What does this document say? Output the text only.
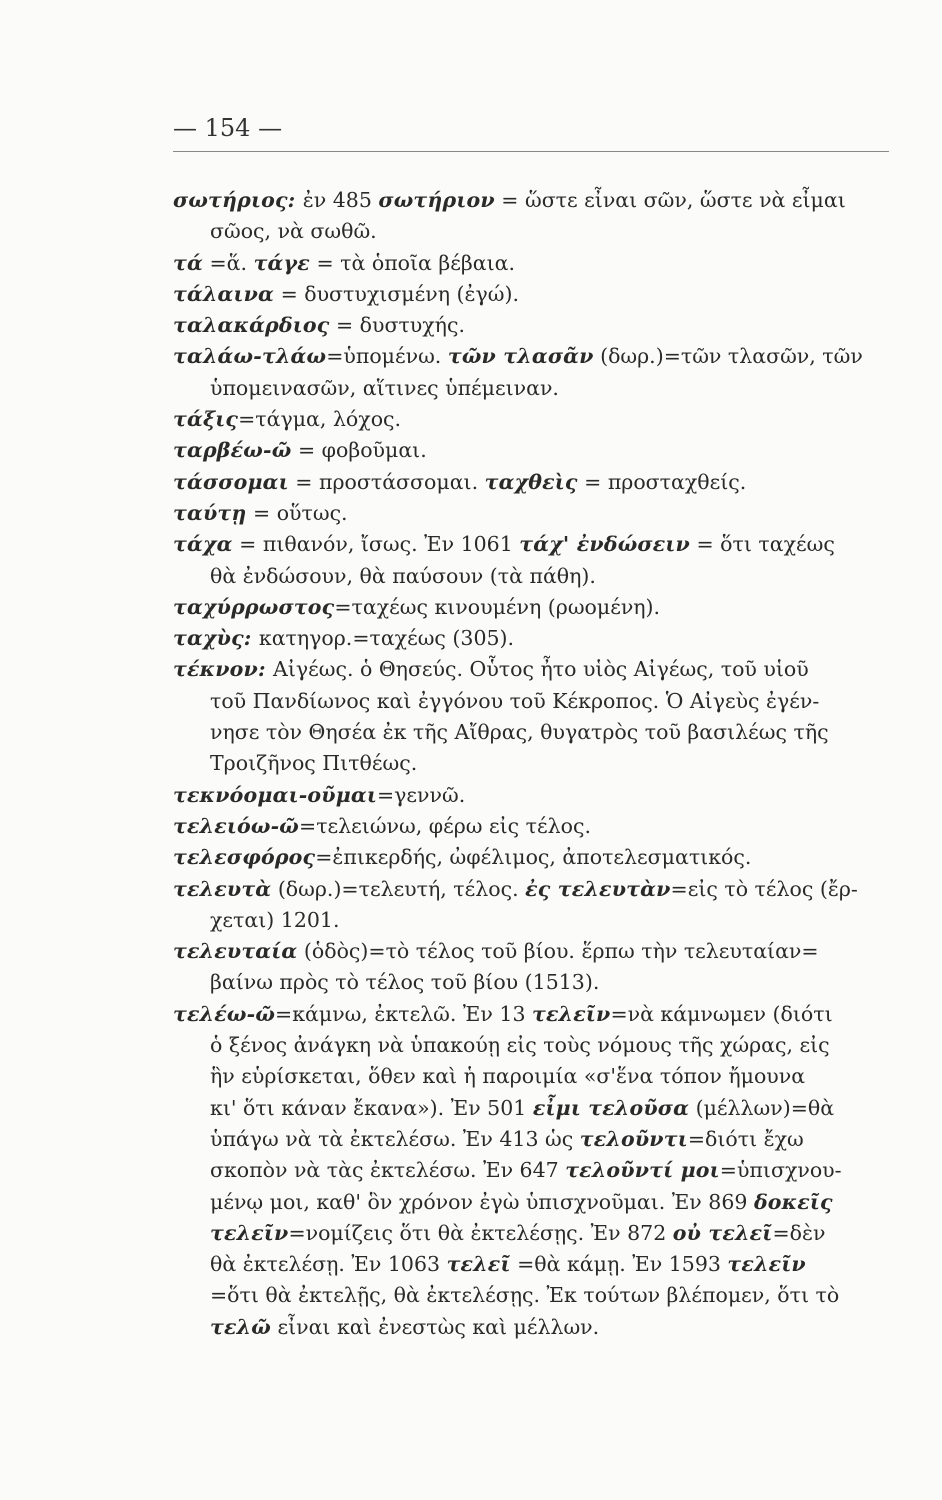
— 154 —
σωτήριος: ἐν 485 σωτήριον = ὥστε εἶναι σῶν, ὥστε νὰ εἶμαι
σῶος, νὰ σωθῶ.
τά =ἅ. τάγε = τὰ ὁποῖα βέβαια.
τάλαινα = δυστυχισμένη (ἐγώ).
ταλακάρδιος = δυστυχής.
ταλάω-τλάω=ὑπομένω. τῶν τλασᾶν (δωρ.)=τῶν τλασῶν, τῶν
ὑπομεινασῶν, αἵτινες ὑπέμειναν.
τάξις=τάγμα, λόχος.
ταρβέω-ῶ = φοβοῦμαι.
τάσσομαι = προστάσσομαι. ταχθεὶς = προσταχθείς.
ταύτῃ = οὕτως.
τάχα = πιθανόν, ἴσως. Ἐν 1061 τάχ' ἐνδώσειν = ὅτι ταχέως
θὰ ἐνδώσουν, θὰ παύσουν (τὰ πάθη).
ταχύρρωστος=ταχέως κινουμένη (ρωομένη).
ταχὺς: κατηγορ.=ταχέως (305).
τέκνον: Αἰγέως. ὁ Θησεύς. Οὗτος ἦτο υἱὸς Αἰγέως, τοῦ υἱοῦ
τοῦ Πανδίωνος καὶ ἐγγόνου τοῦ Κέκροπος. Ὁ Αἰγεὺς ἐγέν-
νησε τὸν Θησέα ἐκ τῆς Αἴθρας, θυγατρὸς τοῦ βασιλέως τῆς
Τροιζῆνος Πιτθέως.
τεκνόομαι-οῦμαι=γεννῶ.
τελειόω-ῶ=τελειώνω, φέρω εἰς τέλος.
τελεσφόρος=ἐπικερδής, ὠφέλιμος, ἀποτελεσματικός.
τελευτὰ (δωρ.)=τελευτή, τέλος. ἐς τελευτὰν=εἰς τὸ τέλος (ἔρ-
χεται) 1201.
τελευταία (ὁδὸς)=τὸ τέλος τοῦ βίου. ἕρπω τὴν τελευταίαν=
βαίνω πρὸς τὸ τέλος τοῦ βίου (1513).
τελέω-ῶ=κάμνω, ἐκτελῶ. Ἐν 13 τελεῖν=νὰ κάμνωμεν (διότι
ὁ ξένος ἀνάγκη νὰ ὑπακούῃ εἰς τοὺς νόμους τῆς χώρας, εἰς
ἣν εὑρίσκεται, ὅθεν καὶ ἡ παροιμία «σ'ἕνα τόπον ἤμουνα
κι' ὅτι κάναν ἔκανα»). Ἐν 501 εἶμι τελοῦσα (μέλλων)=θὰ
ὑπάγω νὰ τὰ ἐκτελέσω. Ἐν 413 ὡς τελοῦντι=διότι ἔχω
σκοπὸν νὰ τὰς ἐκτελέσω. Ἐν 647 τελοῦντί μοι=ὑπισχνου-
μένῳ μοι, καθ' ὃν χρόνον ἐγὼ ὑπισχνοῦμαι. Ἐν 869 δοκεῖς
τελεῖν=νομίζεις ὅτι θὰ ἐκτελέσῃς. Ἐν 872 οὐ τελεῖ=δὲν
θὰ ἐκτελέσῃ. Ἐν 1063 τελεῖ =θὰ κάμῃ. Ἐν 1593 τελεῖν
=ὅτι θὰ ἐκτελῇς, θὰ ἐκτελέσῃς. Ἐκ τούτων βλέπομεν, ὅτι τὸ
τελῶ εἶναι καὶ ἐνεστὼς καὶ μέλλων.
